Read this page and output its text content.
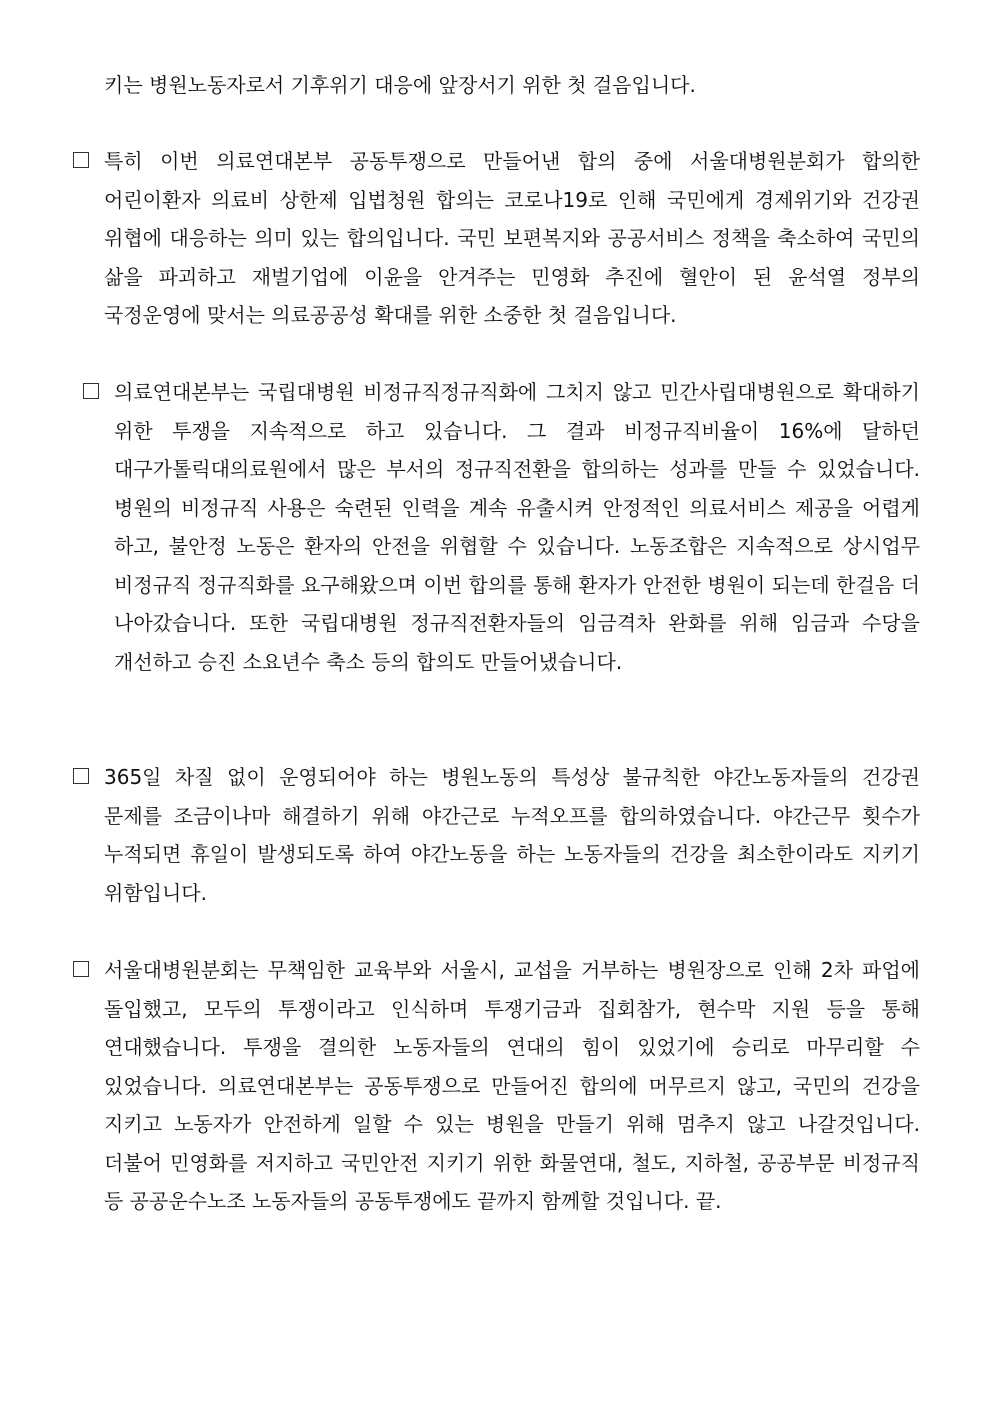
키는 병원노동자로서 기후위기 대응에 앞장서기 위한 첫 걸음입니다.
특히 이번 의료연대본부 공동투쟁으로 만들어낸 합의 중에 서울대병원분회가 합의한 어린이환자 의료비 상한제 입법청원 합의는 코로나19로 인해 국민에게 경제위기와 건강권 위협에 대응하는 의미 있는 합의입니다. 국민 보편복지와 공공서비스 정책을 축소하여 국민의 삶을 파괴하고 재벌기업에 이윤을 안겨주는 민영화 추진에 혈안이 된 윤석열 정부의 국정운영에 맞서는 의료공공성 확대를 위한 소중한 첫 걸음입니다.
의료연대본부는 국립대병원 비정규직정규직화에 그치지 않고 민간사립대병원으로 확대하기 위한 투쟁을 지속적으로 하고 있습니다. 그 결과 비정규직비율이 16%에 달하던 대구가톨릭대의료원에서 많은 부서의 정규직전환을 합의하는 성과를 만들 수 있었습니다. 병원의 비정규직 사용은 숙련된 인력을 계속 유출시켜 안정적인 의료서비스 제공을 어렵게 하고, 불안정 노동은 환자의 안전을 위협할 수 있습니다. 노동조합은 지속적으로 상시업무 비정규직 정규직화를 요구해왔으며 이번 합의를 통해 환자가 안전한 병원이 되는데 한걸음 더 나아갔습니다. 또한 국립대병원 정규직전환자들의 임금격차 완화를 위해 임금과 수당을 개선하고 승진 소요년수 축소 등의 합의도 만들어냈습니다.
365일 차질 없이 운영되어야 하는 병원노동의 특성상 불규칙한 야간노동자들의 건강권 문제를 조금이나마 해결하기 위해 야간근로 누적오프를 합의하였습니다. 야간근무 횟수가 누적되면 휴일이 발생되도록 하여 야간노동을 하는 노동자들의 건강을 최소한이라도 지키기 위함입니다.
서울대병원분회는 무책임한 교육부와 서울시, 교섭을 거부하는 병원장으로 인해 2차 파업에 돌입했고, 모두의 투쟁이라고 인식하며 투쟁기금과 집회참가, 현수막 지원 등을 통해 연대했습니다. 투쟁을 결의한 노동자들의 연대의 힘이 있었기에 승리로 마무리할 수 있었습니다. 의료연대본부는 공동투쟁으로 만들어진 합의에 머무르지 않고, 국민의 건강을 지키고 노동자가 안전하게 일할 수 있는 병원을 만들기 위해 멈추지 않고 나갈것입니다. 더불어 민영화를 저지하고 국민안전 지키기 위한 화물연대, 철도, 지하철, 공공부문 비정규직 등 공공운수노조 노동자들의 공동투쟁에도 끝까지 함께할 것입니다. 끝.
